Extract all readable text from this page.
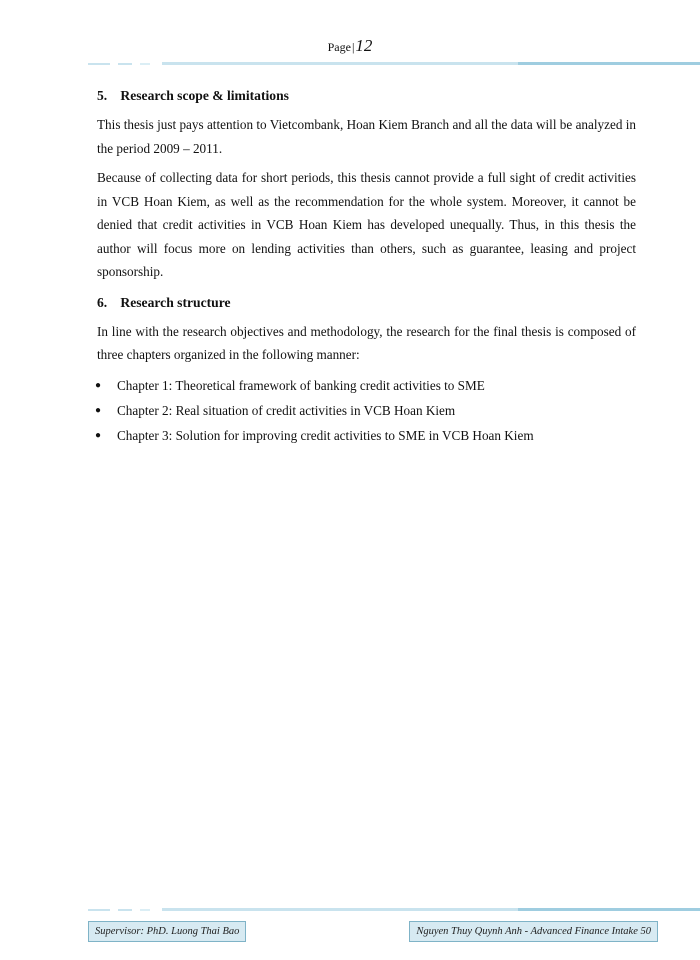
Page|12
5. Research scope & limitations

This thesis just pays attention to Vietcombank, Hoan Kiem Branch and all the data will be analyzed in the period 2009 – 2011.

Because of collecting data for short periods, this thesis cannot provide a full sight of credit activities in VCB Hoan Kiem, as well as the recommendation for the whole system. Moreover, it cannot be denied that credit activities in VCB Hoan Kiem has developed unequally. Thus, in this thesis the author will focus more on lending activities than others, such as guarantee, leasing and project sponsorship.

6. Research structure

In line with the research objectives and methodology, the research for the final thesis is composed of three chapters organized in the following manner:

● Chapter 1: Theoretical framework of banking credit activities to SME
● Chapter 2: Real situation of credit activities in VCB Hoan Kiem
● Chapter 3: Solution for improving credit activities to SME in VCB Hoan Kiem
Supervisor: PhD. Luong Thai Bao	Nguyen Thuy Quynh Anh - Advanced Finance Intake 50
